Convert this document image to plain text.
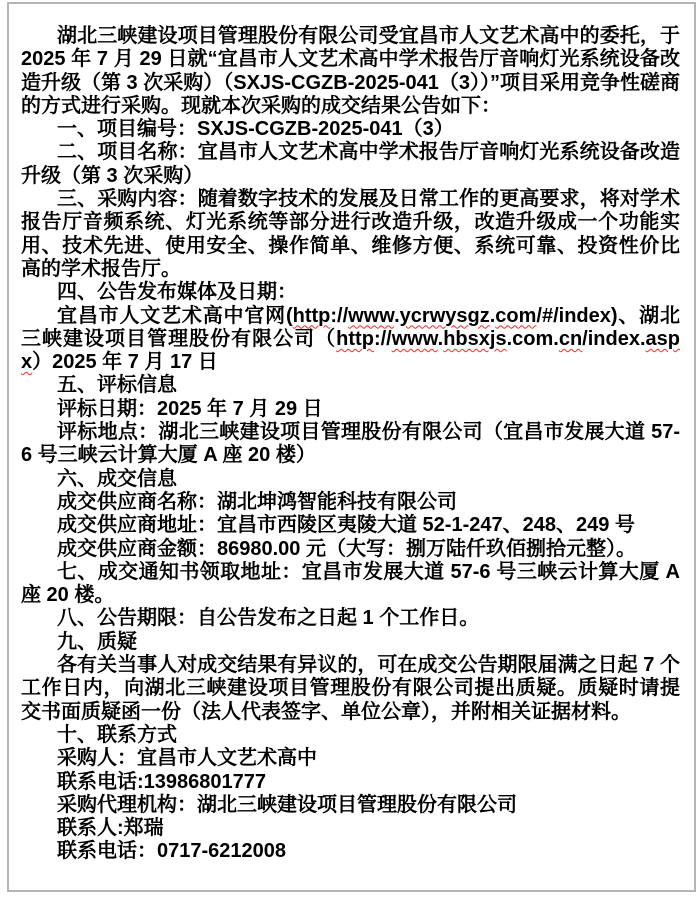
湖北三峡建设项目管理股份有限公司受宜昌市人文艺术高中的委托，于 2025 年 7 月 29 日就“宜昌市人文艺术高中学术报告厅音响灯光系统设备改造升级（第 3 次采购）（SXJS-CGZB-2025-041（3））”项目采用竞争性磋商的方式进行采购。现就本次采购的成交结果公告如下：

一、项目编号：SXJS-CGZB-2025-041（3）

二、项目名称：宜昌市人文艺术高中学术报告厅音响灯光系统设备改造升级（第 3 次采购）

三、采购内容：随着数字技术的发展及日常工作的更高要求，将对学术报告厅音频系统、灯光系统等部分进行改造升级，改造升级成一个功能实用、技术先进、使用安全、操作简单、维修方便、系统可靠、投资性价比高的学术报告厅。

四、公告发布媒体及日期：

宜昌市人文艺术高中官网(http://www.ycrwysgz.com/#/index)、湖北三峡建设项目管理股份有限公司（http://www.hbsxjs.com.cn/index.aspx）2025 年 7 月 17 日

五、评标信息

评标日期：2025 年 7 月 29 日

评标地点：湖北三峡建设项目管理股份有限公司（宜昌市发展大道 57-6 号三峡云计算大厦 A 座 20 楼）

六、成交信息

成交供应商名称：湖北坤鸿智能科技有限公司

成交供应商地址：宜昌市西陵区夷陵大道 52-1-247、248、249 号

成交供应商金额：86980.00 元（大写：捌万陆仟玖佰捌拾元整）。

七、成交通知书领取地址：宜昌市发展大道 57-6 号三峡云计算大厦 A 座 20 楼。

八、公告期限：自公告发布之日起 1 个工作日。

九、质疑

各有关当事人对成交结果有异议的，可在成交公告期限届满之日起 7 个工作日内，向湖北三峡建设项目管理股份有限公司提出质疑。质疑时请提交书面质疑函一份（法人代表签字、单位公章），并附相关证据材料。

十、联系方式

采购人：宜昌市人文艺术高中

联系电话:13986801777

采购代理机构：湖北三峡建设项目管理股份有限公司

联系人:郑瑞

联系电话：0717-6212008
